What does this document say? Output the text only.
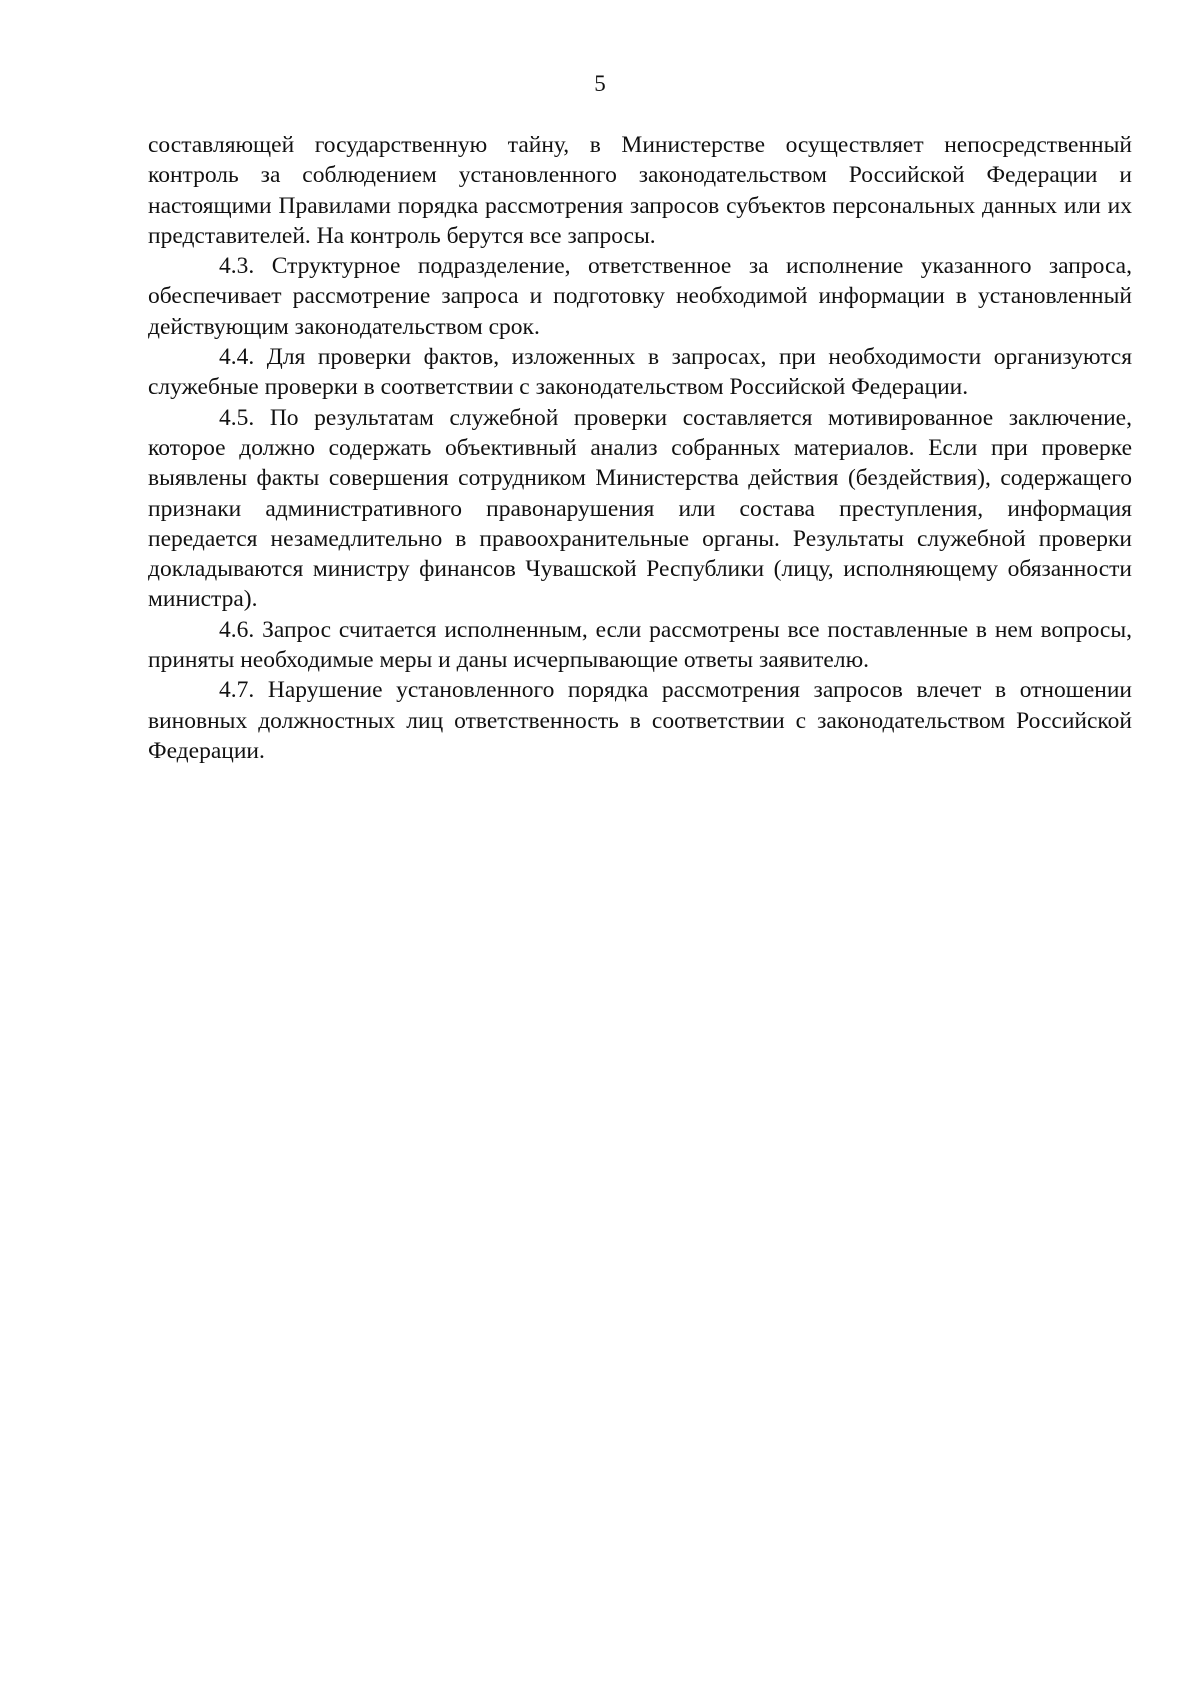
5

составляющей государственную тайну, в Министерстве осуществляет непосредственный контроль за соблюдением установленного законодательством Российской Федерации и настоящими Правилами порядка рассмотрения запросов субъектов персональных данных или их представителей. На контроль берутся все запросы.

4.3. Структурное подразделение, ответственное за исполнение указанного запроса, обеспечивает рассмотрение запроса и подготовку необходимой информации в установленный действующим законодательством срок.

4.4. Для проверки фактов, изложенных в запросах, при необходимости организуются служебные проверки в соответствии с законодательством Российской Федерации.

4.5. По результатам служебной проверки составляется мотивированное заключение, которое должно содержать объективный анализ собранных материалов. Если при проверке выявлены факты совершения сотрудником Министерства действия (бездействия), содержащего признаки административного правонарушения или состава преступления, информация передается незамедлительно в правоохранительные органы. Результаты служебной проверки докладываются министру финансов Чувашской Республики (лицу, исполняющему обязанности министра).

4.6. Запрос считается исполненным, если рассмотрены все поставленные в нем вопросы, приняты необходимые меры и даны исчерпывающие ответы заявителю.

4.7. Нарушение установленного порядка рассмотрения запросов влечет в отношении виновных должностных лиц ответственность в соответствии с законодательством Российской Федерации.
